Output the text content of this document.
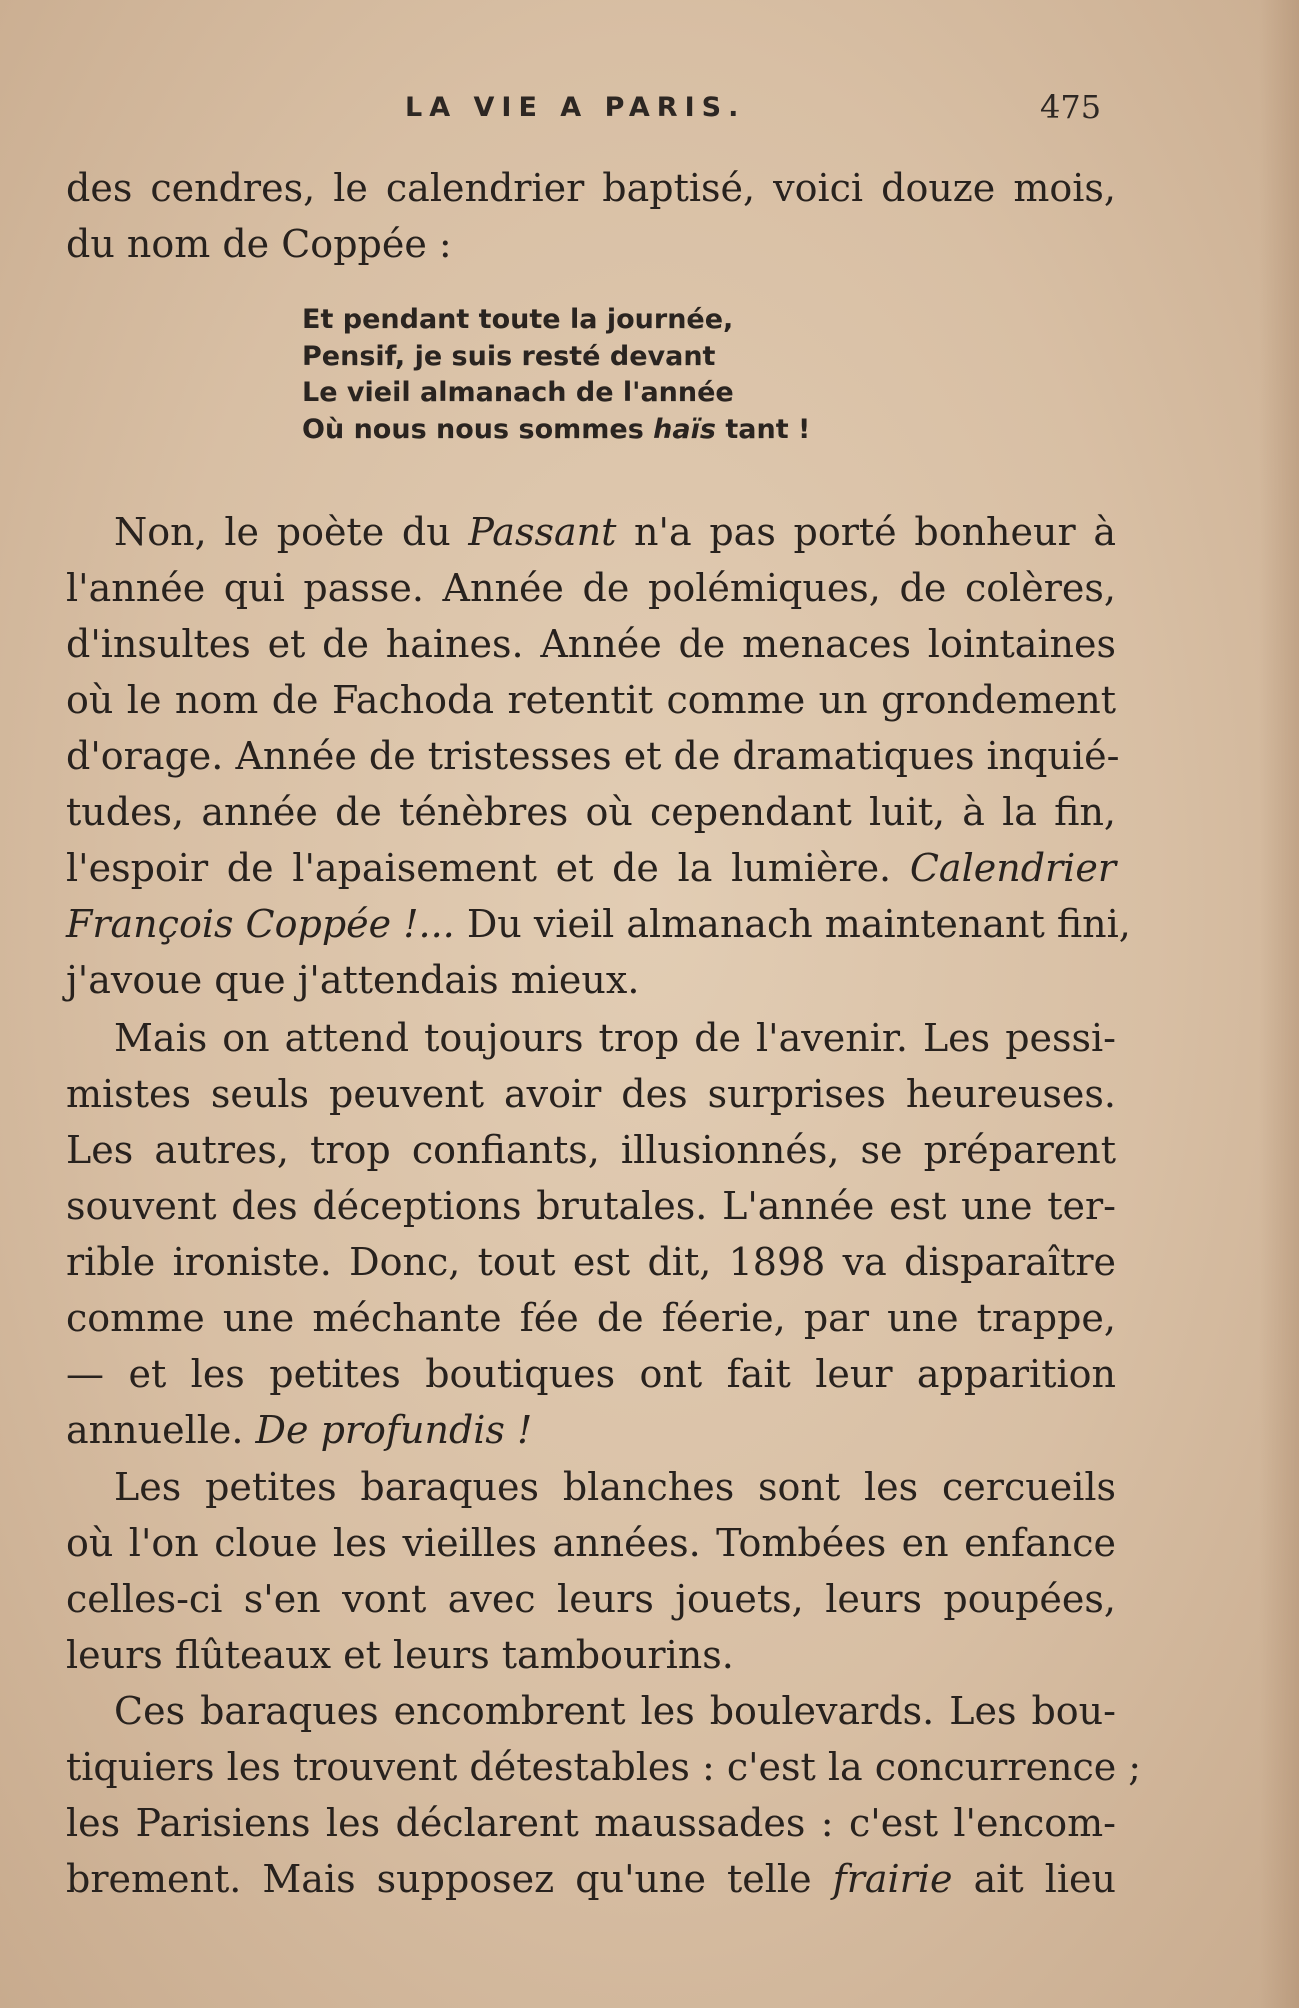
LA VIE A PARIS.	475
des cendres, le calendrier baptisé, voici douze mois,
du nom de Coppée :
Et pendant toute la journée,
Pensif, je suis resté devant
Le vieil almanach de l'année
Où nous nous sommes haïs tant !
Non, le poète du Passant n'a pas porté bonheur à
l'année qui passe. Année de polémiques, de colères,
d'insultes et de haines. Année de menaces lointaines
où le nom de Fachoda retentit comme un grondement
d'orage. Année de tristesses et de dramatiques inquié-
tudes, année de ténèbres où cependant luit, à la fin,
l'espoir de l'apaisement et de la lumière. Calendrier
François Coppée !... Du vieil almanach maintenant fini,
j'avoue que j'attendais mieux.
Mais on attend toujours trop de l'avenir. Les pessi-
mistes seuls peuvent avoir des surprises heureuses.
Les autres, trop confiants, illusionnés, se préparent
souvent des déceptions brutales. L'année est une ter-
rible ironiste. Donc, tout est dit, 1898 va disparaître
comme une méchante fée de féerie, par une trappe,
— et les petites boutiques ont fait leur apparition
annuelle. De profundis !
Les petites baraques blanches sont les cercueils
où l'on cloue les vieilles années. Tombées en enfance
celles-ci s'en vont avec leurs jouets, leurs poupées,
leurs flûteaux et leurs tambourins.
Ces baraques encombrent les boulevards. Les bou-
tiquiers les trouvent détestables : c'est la concurrence ;
les Parisiens les déclarent maussades : c'est l'encom-
brement. Mais supposez qu'une telle frairie ait lieu
